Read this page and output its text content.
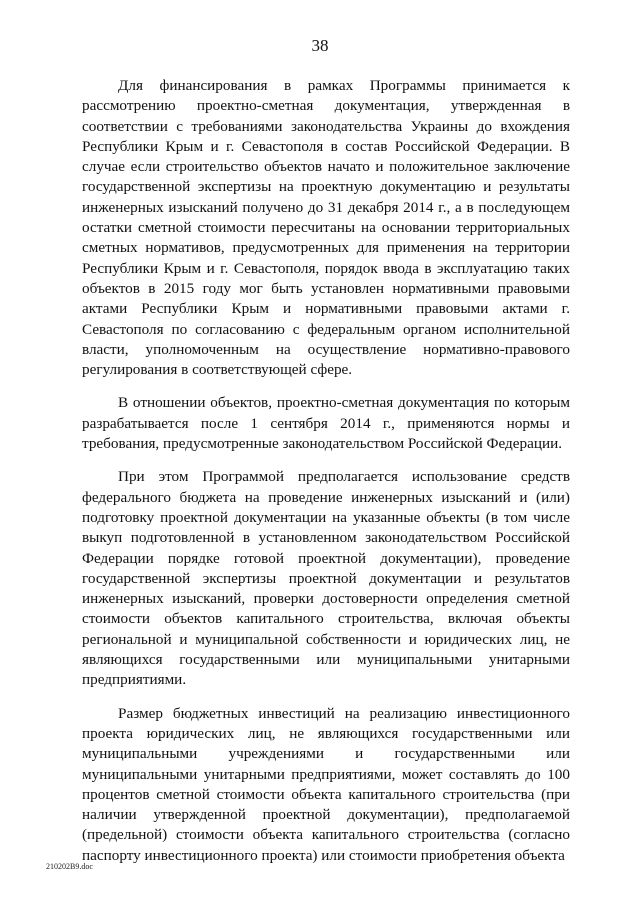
38

Для финансирования в рамках Программы принимается к рассмотрению проектно-сметная документация, утвержденная в соответствии с требованиями законодательства Украины до вхождения Республики Крым и г. Севастополя в состав Российской Федерации. В случае если строительство объектов начато и положительное заключение государственной экспертизы на проектную документацию и результаты инженерных изысканий получено до 31 декабря 2014 г., а в последующем остатки сметной стоимости пересчитаны на основании территориальных сметных нормативов, предусмотренных для применения на территории Республики Крым и г. Севастополя, порядок ввода в эксплуатацию таких объектов в 2015 году мог быть установлен нормативными правовыми актами Республики Крым и нормативными правовыми актами г. Севастополя по согласованию с федеральным органом исполнительной власти, уполномоченным на осуществление нормативно-правового регулирования в соответствующей сфере.

В отношении объектов, проектно-сметная документация по которым разрабатывается после 1 сентября 2014 г., применяются нормы и требования, предусмотренные законодательством Российской Федерации.

При этом Программой предполагается использование средств федерального бюджета на проведение инженерных изысканий и (или) подготовку проектной документации на указанные объекты (в том числе выкуп подготовленной в установленном законодательством Российской Федерации порядке готовой проектной документации), проведение государственной экспертизы проектной документации и результатов инженерных изысканий, проверки достоверности определения сметной стоимости объектов капитального строительства, включая объекты региональной и муниципальной собственности и юридических лиц, не являющихся государственными или муниципальными унитарными предприятиями.

Размер бюджетных инвестиций на реализацию инвестиционного проекта юридических лиц, не являющихся государственными или муниципальными учреждениями и государственными или муниципальными унитарными предприятиями, может составлять до 100 процентов сметной стоимости объекта капитального строительства (при наличии утвержденной проектной документации), предполагаемой (предельной) стоимости объекта капитального строительства (согласно паспорту инвестиционного проекта) или стоимости приобретения объекта

210202В9.doc
